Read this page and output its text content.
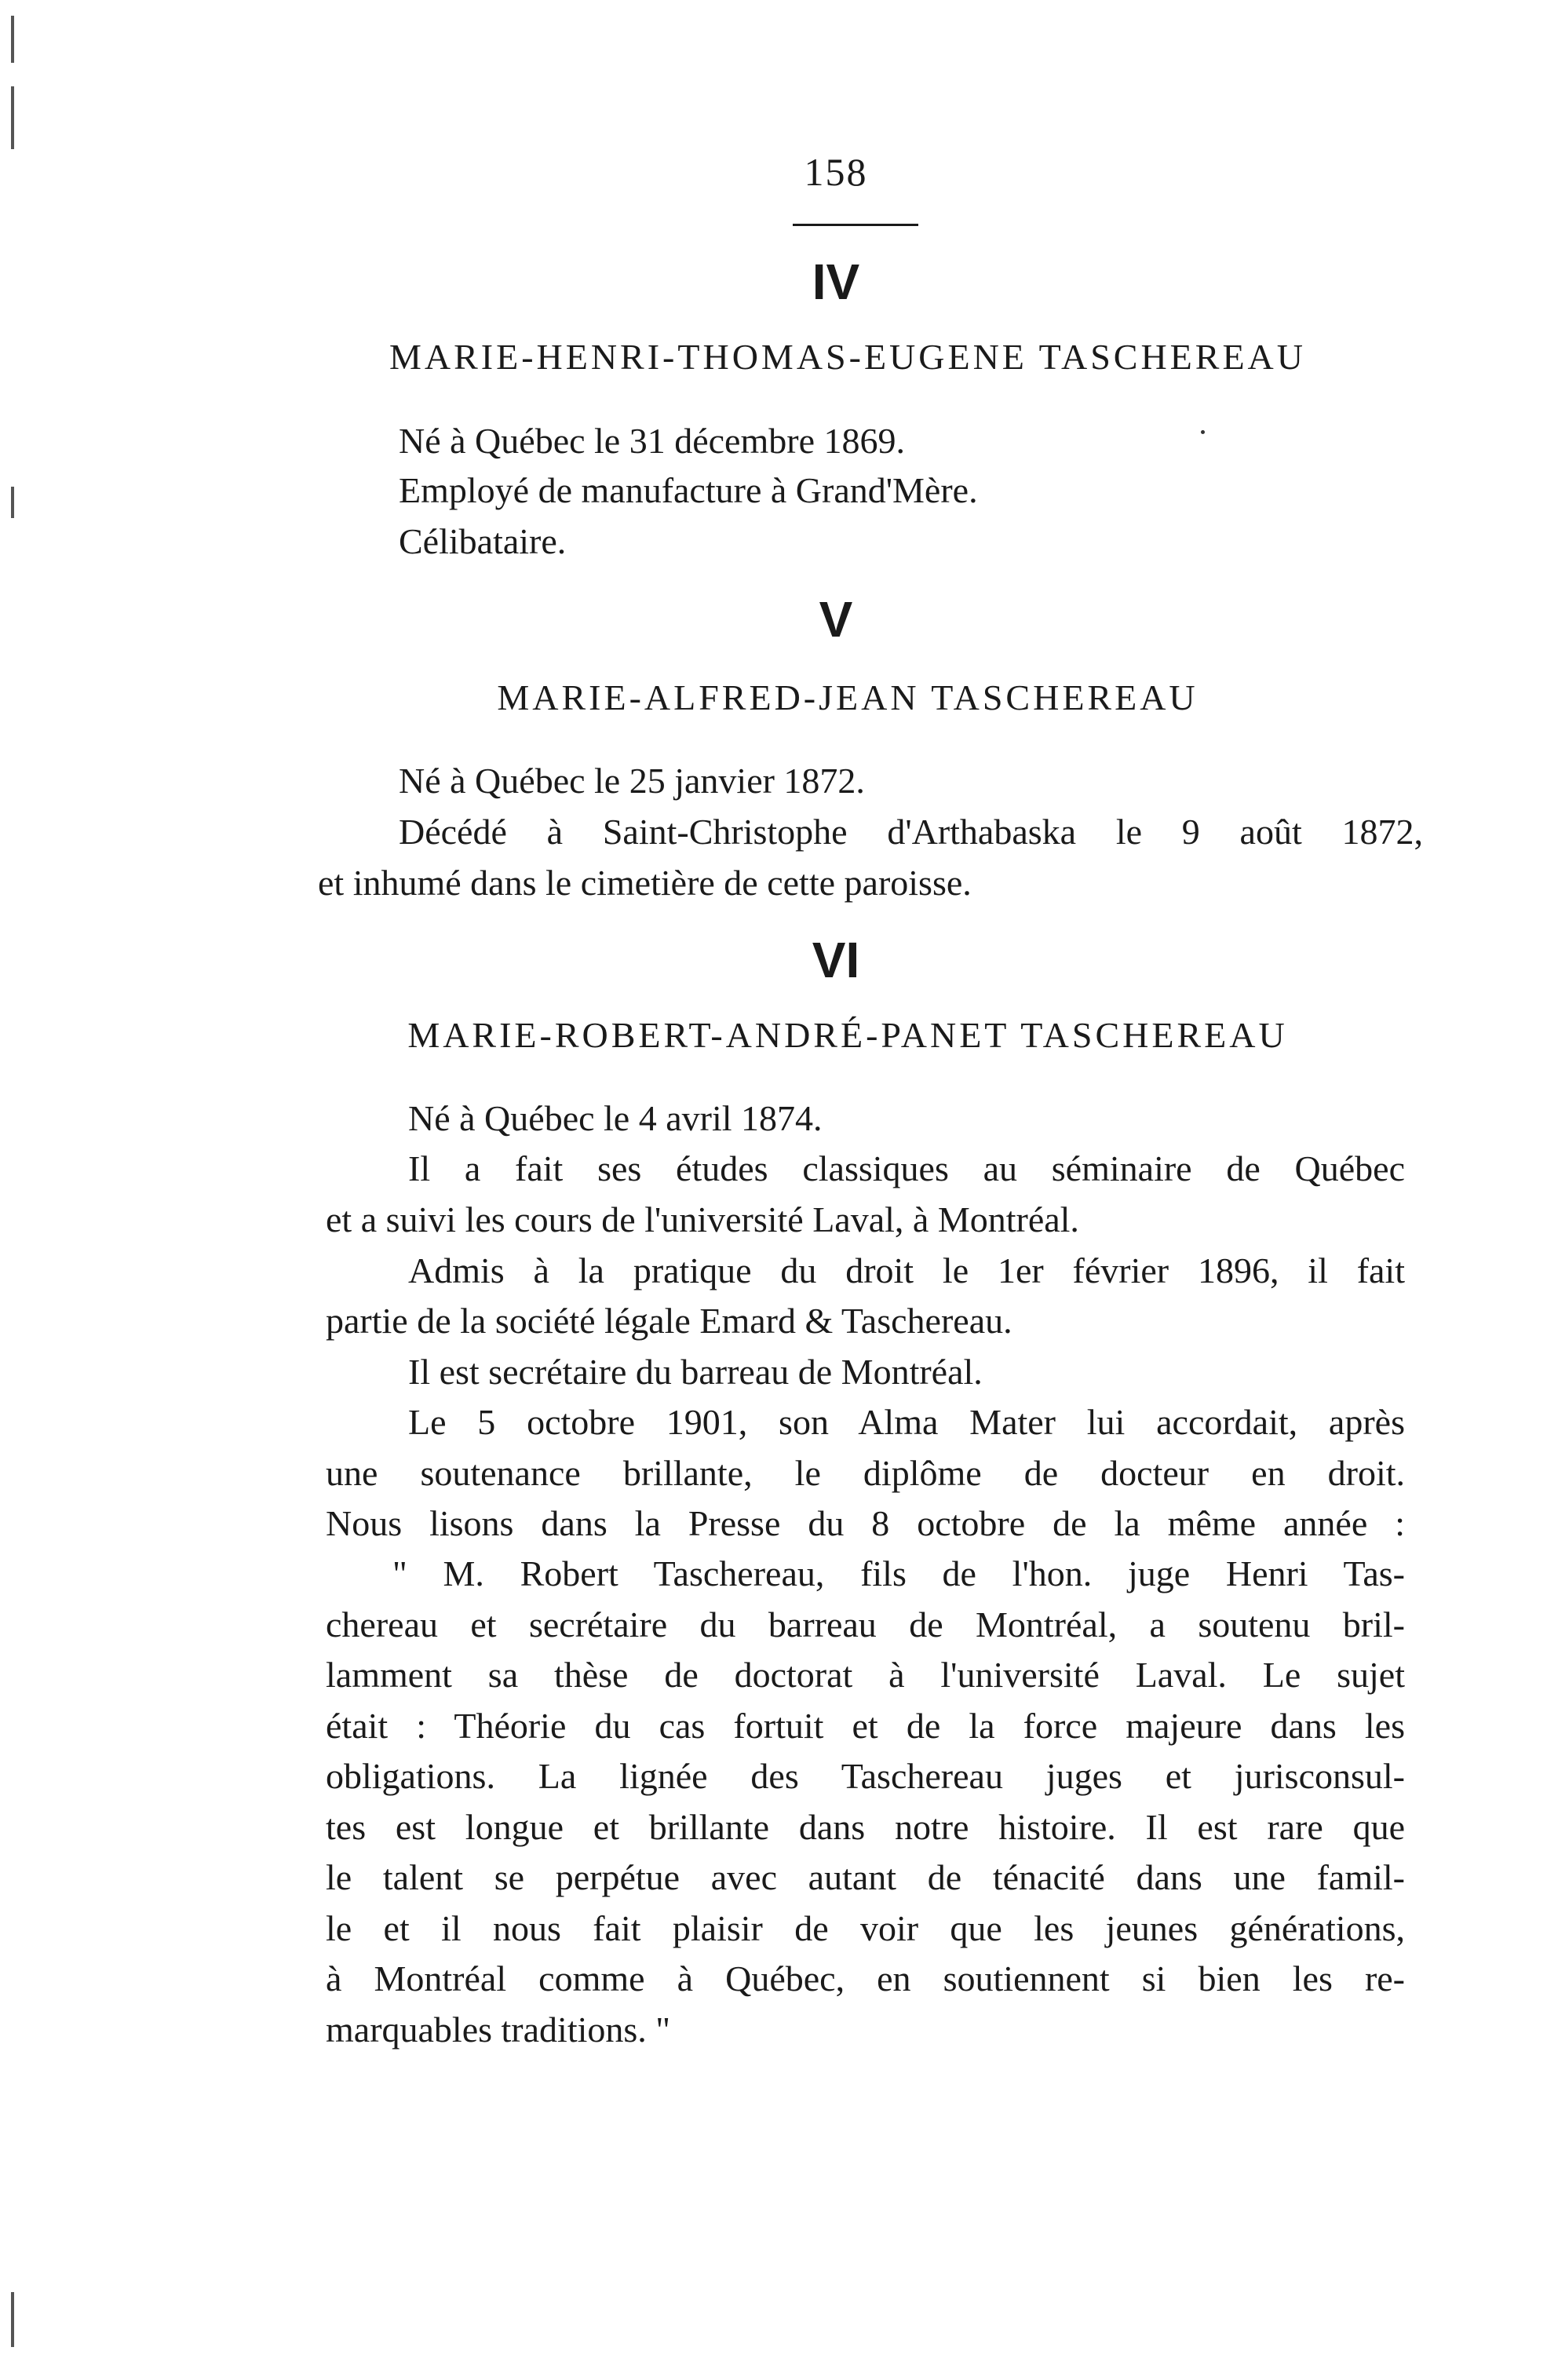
158
IV
MARIE-HENRI-THOMAS-EUGENE TASCHEREAU
Né à Québec le 31 décembre 1869.
Employé de manufacture à Grand'Mère.
Célibataire.
V
MARIE-ALFRED-JEAN TASCHEREAU
Né à Québec le 25 janvier 1872.
Décédé à Saint-Christophe d'Arthabaska le 9 août 1872,
et inhumé dans le cimetière de cette paroisse.
VI
MARIE-ROBERT-ANDRÉ-PANET TASCHEREAU
Né à Québec le 4 avril 1874.
Il a fait ses études classiques au séminaire de Québec
et a suivi les cours de l'université Laval, à Montréal.
Admis à la pratique du droit le 1er février 1896, il fait
partie de la société légale Emard & Taschereau.
Il est secrétaire du barreau de Montréal.
Le 5 octobre 1901, son Alma Mater lui accordait, après
une soutenance brillante, le diplôme de docteur en droit.
Nous lisons dans la Presse du 8 octobre de la même année :
" M. Robert Taschereau, fils de l'hon. juge Henri Tas-
chereau et secrétaire du barreau de Montréal, a soutenu bril-
lamment sa thèse de doctorat à l'université Laval. Le sujet
était : Théorie du cas fortuit et de la force majeure dans les
obligations. La lignée des Taschereau juges et jurisconsul-
tes est longue et brillante dans notre histoire. Il est rare que
le talent se perpétue avec autant de ténacité dans une famil-
le et il nous fait plaisir de voir que les jeunes générations,
à Montréal comme à Québec, en soutiennent si bien les re-
marquables traditions. "
